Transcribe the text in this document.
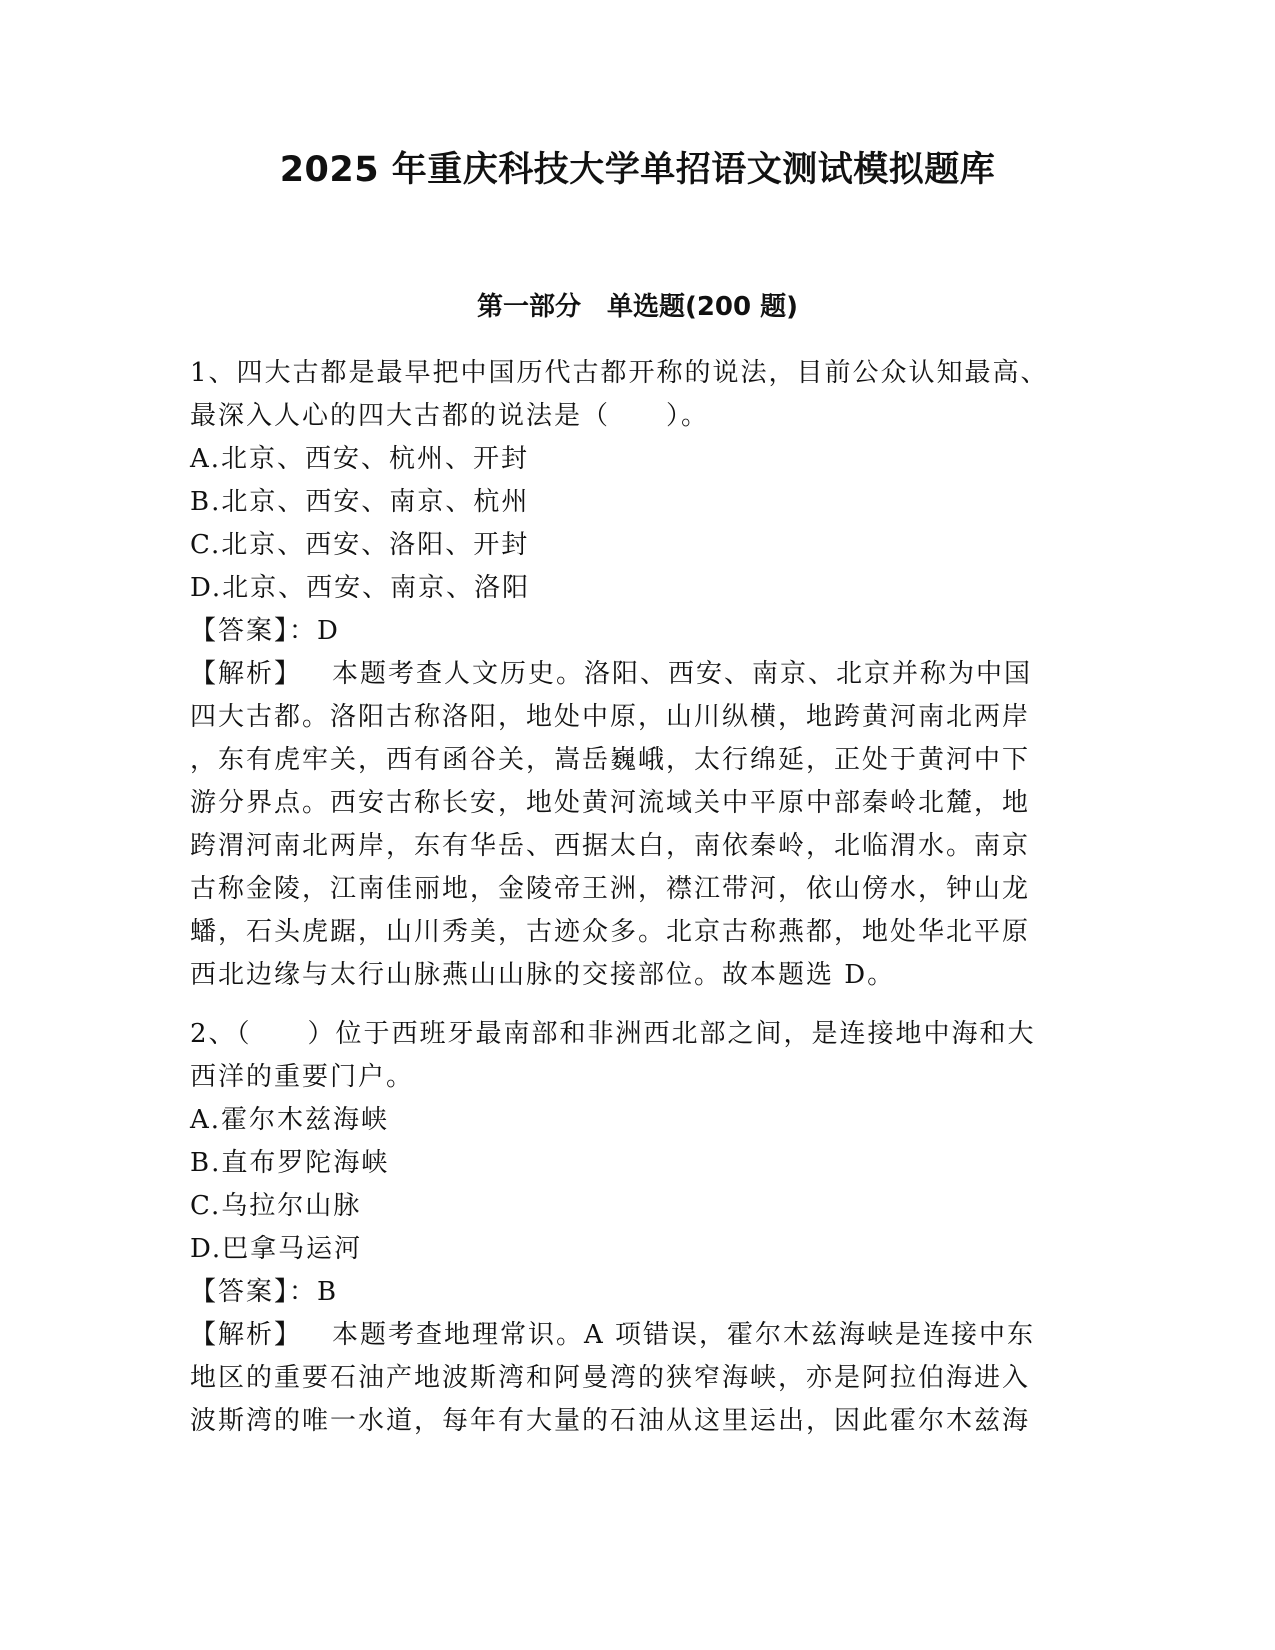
2025 年重庆科技大学单招语文测试模拟题库
第一部分 单选题(200 题)
1、四大古都是最早把中国历代古都开称的说法，目前公众认知最高、
最深入人心的四大古都的说法是（　　）。
A.北京、西安、杭州、开封
B.北京、西安、南京、杭州
C.北京、西安、洛阳、开封
D.北京、西安、南京、洛阳
【答案】：D
【解析】 本题考查人文历史。洛阳、西安、南京、北京并称为中国
四大古都。洛阳古称洛阳，地处中原，山川纵横，地跨黄河南北两岸
，东有虎牢关，西有函谷关，嵩岳巍峨，太行绵延，正处于黄河中下
游分界点。西安古称长安，地处黄河流域关中平原中部秦岭北麓，地
跨渭河南北两岸，东有华岳、西据太白，南依秦岭，北临渭水。南京
古称金陵，江南佳丽地，金陵帝王洲，襟江带河，依山傍水，钟山龙
蟠，石头虎踞，山川秀美，古迹众多。北京古称燕都，地处华北平原
西北边缘与太行山脉燕山山脉的交接部位。故本题选 D。
2、（　　）位于西班牙最南部和非洲西北部之间，是连接地中海和大
西洋的重要门户。
A.霍尔木兹海峡
B.直布罗陀海峡
C.乌拉尔山脉
D.巴拿马运河
【答案】：B
【解析】 本题考查地理常识。A 项错误，霍尔木兹海峡是连接中东
地区的重要石油产地波斯湾和阿曼湾的狭窄海峡，亦是阿拉伯海进入
波斯湾的唯一水道，每年有大量的石油从这里运出，因此霍尔木兹海
